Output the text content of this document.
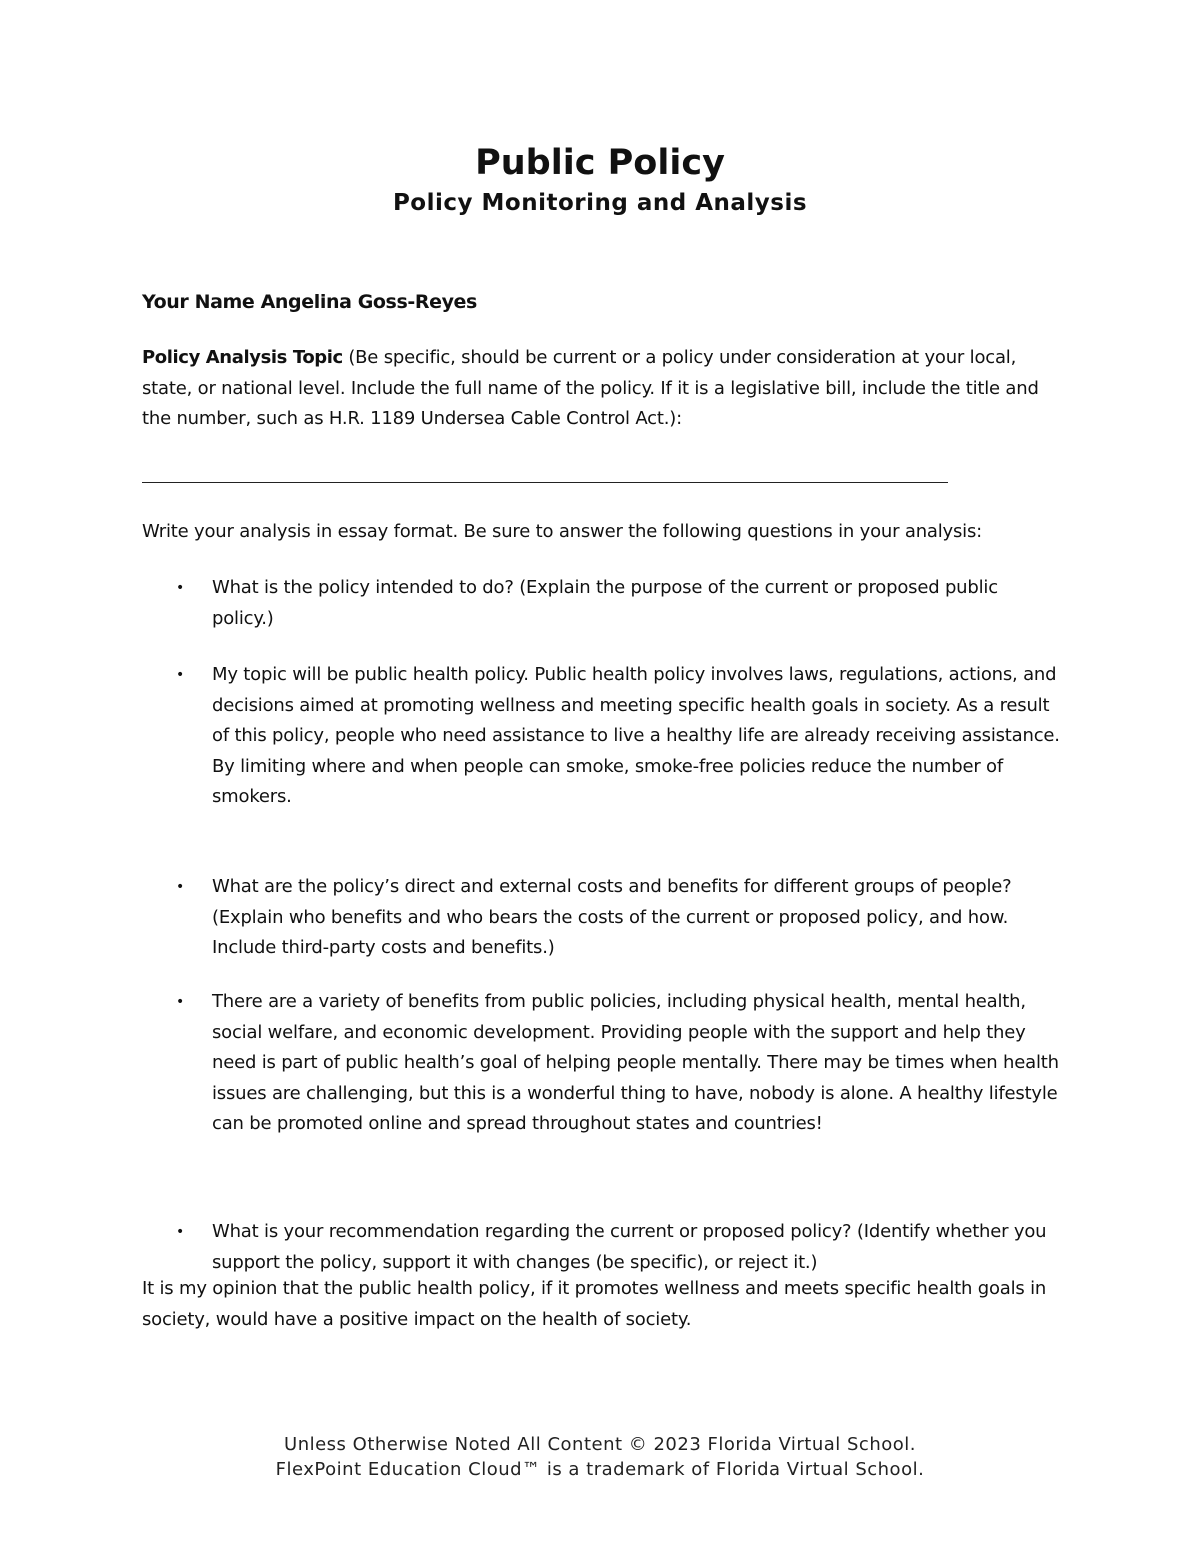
Public Policy
Policy Monitoring and Analysis
Your Name Angelina Goss-Reyes

Policy Analysis Topic (Be specific, should be current or a policy under consideration at your local, state, or national level. Include the full name of the policy. If it is a legislative bill, include the title and the number, such as H.R. 1189 Undersea Cable Control Act.):

Write your analysis in essay format. Be sure to answer the following questions in your analysis:

• What is the policy intended to do? (Explain the purpose of the current or proposed public policy.)

• My topic will be public health policy. Public health policy involves laws, regulations, actions, and decisions aimed at promoting wellness and meeting specific health goals in society. As a result of this policy, people who need assistance to live a healthy life are already receiving assistance. By limiting where and when people can smoke, smoke-free policies reduce the number of smokers.

• What are the policy’s direct and external costs and benefits for different groups of people? (Explain who benefits and who bears the costs of the current or proposed policy, and how. Include third-party costs and benefits.)

• There are a variety of benefits from public policies, including physical health, mental health, social welfare, and economic development. Providing people with the support and help they need is part of public health’s goal of helping people mentally. There may be times when health issues are challenging, but this is a wonderful thing to have, nobody is alone. A healthy lifestyle can be promoted online and spread throughout states and countries!

• What is your recommendation regarding the current or proposed policy? (Identify whether you support the policy, support it with changes (be specific), or reject it.)

It is my opinion that the public health policy, if it promotes wellness and meets specific health goals in society, would have a positive impact on the health of society.

Unless Otherwise Noted All Content © 2023 Florida Virtual School.
FlexPoint Education Cloud™ is a trademark of Florida Virtual School.
